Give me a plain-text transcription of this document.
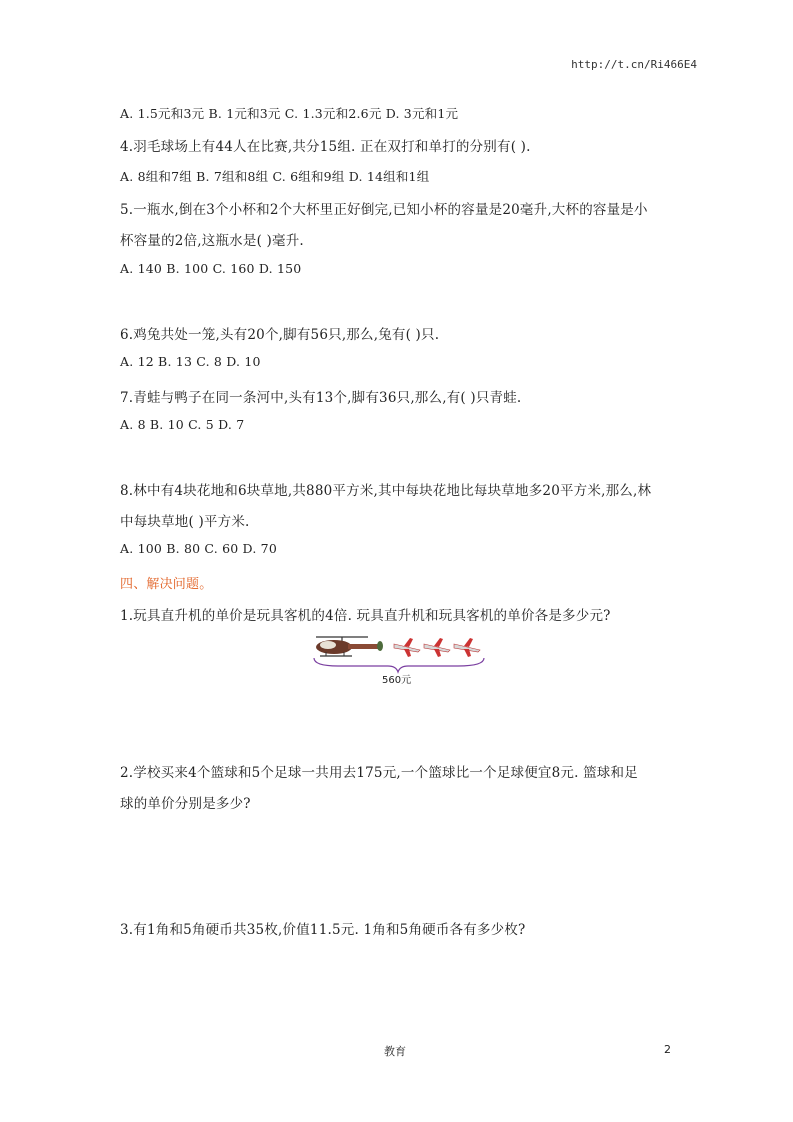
http://t.cn/Ri466E4
A. 1.5元和3元 B. 1元和3元 C. 1.3元和2.6元 D. 3元和1元
4.羽毛球场上有44人在比赛,共分15组. 正在双打和单打的分别有( ).
A. 8组和7组 B. 7组和8组 C. 6组和9组 D. 14组和1组
5.一瓶水,倒在3个小杯和2个大杯里正好倒完,已知小杯的容量是20毫升,大杯的容量是小
杯容量的2倍,这瓶水是( )毫升.
A. 140 B. 100 C. 160 D. 150
6.鸡兔共处一笼,头有20个,脚有56只,那么,兔有( )只.
A. 12 B. 13 C. 8 D. 10
7.青蛙与鸭子在同一条河中,头有13个,脚有36只,那么,有( )只青蛙.
A. 8 B. 10 C. 5 D. 7
8.林中有4块花地和6块草地,共880平方米,其中每块花地比每块草地多20平方米,那么,林
中每块草地( )平方米.
A. 100 B. 80 C. 60 D. 70
四、解决问题。
1.玩具直升机的单价是玩具客机的4倍. 玩具直升机和玩具客机的单价各是多少元?
560元
2.学校买来4个篮球和5个足球一共用去175元,一个篮球比一个足球便宜8元. 篮球和足
球的单价分别是多少?
3.有1角和5角硬币共35枚,价值11.5元. 1角和5角硬币各有多少枚?
教育	2
